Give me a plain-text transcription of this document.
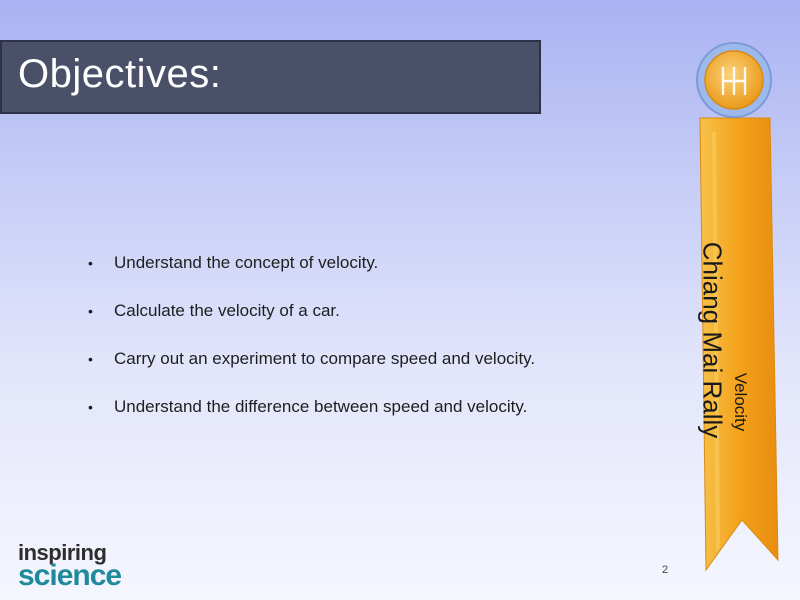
Objectives:
• Understand the concept of velocity.
• Calculate the velocity of a car.
• Carry out an experiment to compare speed and velocity.
• Understand the difference between speed and velocity.	Chiang Mai Rally Velocity
2
inspiring
science
